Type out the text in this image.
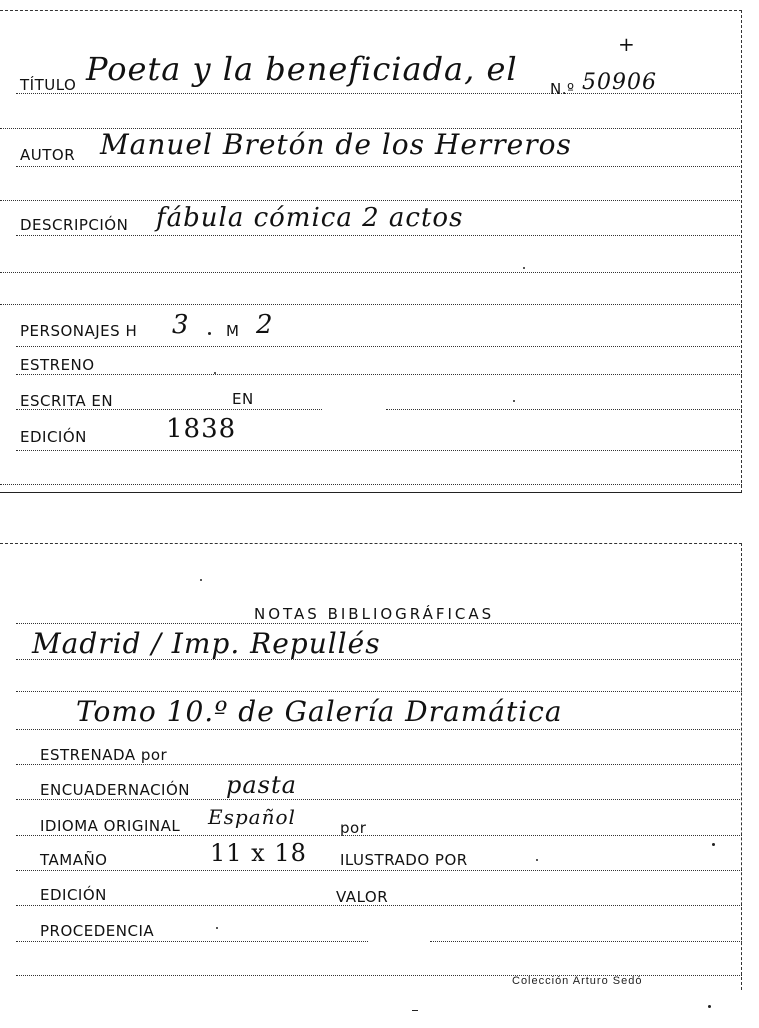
TÍTULO Poeta y la beneficiada, el
N.º 50906
+
AUTOR Manuel Bretón de los Herreros
DESCRIPCIÓN fábula cómica 2 actos
PERSONAJES H 3 M 2
ESTRENO
ESCRITA EN	EN
EDICIÓN	1838
NOTAS BIBLIOGRÁFICAS
Madrid / Imp. Repullés
Tomo 10.º de Galería Dramática
ESTRENADA por
ENCUADERNACIÓN pasta
IDIOMA ORIGINAL Español	por
TAMAÑO	11 x 18 ILUSTRADO POR
EDICIÓN	VALOR
PROCEDENCIA
Colección Arturo Sedó
